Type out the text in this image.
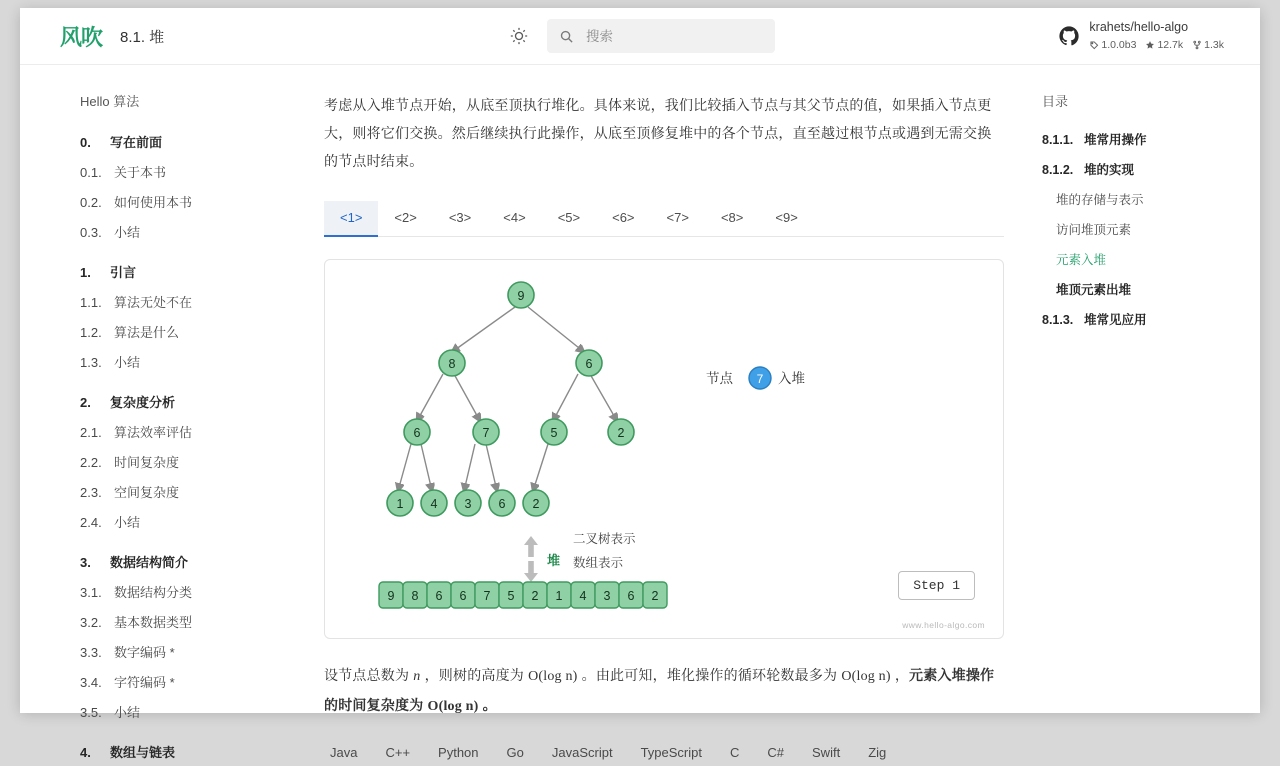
风吹 8.1. 堆
搜索
krahets/hello-algo
1.0.0b3 12.7k 1.3k
Hello 算法
0. 写在前面
0.1. 关于本书
0.2. 如何使用本书
0.3. 小结
1. 引言
1.1. 算法无处不在
1.2. 算法是什么
1.3. 小结
2. 复杂度分析
2.1. 算法效率评估
2.2. 时间复杂度
2.3. 空间复杂度
2.4. 小结
3. 数据结构简介
3.1. 数据结构分类
3.2. 基本数据类型
3.3. 数字编码 *
3.4. 字符编码 *
3.5. 小结
4. 数组与链表
考虑从入堆节点开始，从底至顶执行堆化。具体来说，我们比较插入节点与其父节点的值，如果插入节点更大，则将它们交换。然后继续执行此操作，从底至顶修复堆中的各个节点，直至越过根节点或遇到无需交换的节点时结束。
<1>	<2>	<3>	<4>	<5>	<6>	<7>	<8>	<9>
9
8	6
6	7	5	2
1 4 3 6 2
节点 7 入堆
堆
二叉树表示
数组表示
9 8 6 6 7 5 2 1 4 3 6 2
Step 1
www.hello-algo.com
设节点总数为 n ，则树的高度为 O(log n) 。由此可知，堆化操作的循环轮数最多为 O(log n) ，元素入堆操作的时间复杂度为 O(log n) 。
Java C++ Python Go JavaScript TypeScript C C# Swift Zig
目录
8.1.1. 堆常用操作
8.1.2. 堆的实现
堆的存储与表示
访问堆顶元素
元素入堆
堆顶元素出堆
8.1.3. 堆常见应用
